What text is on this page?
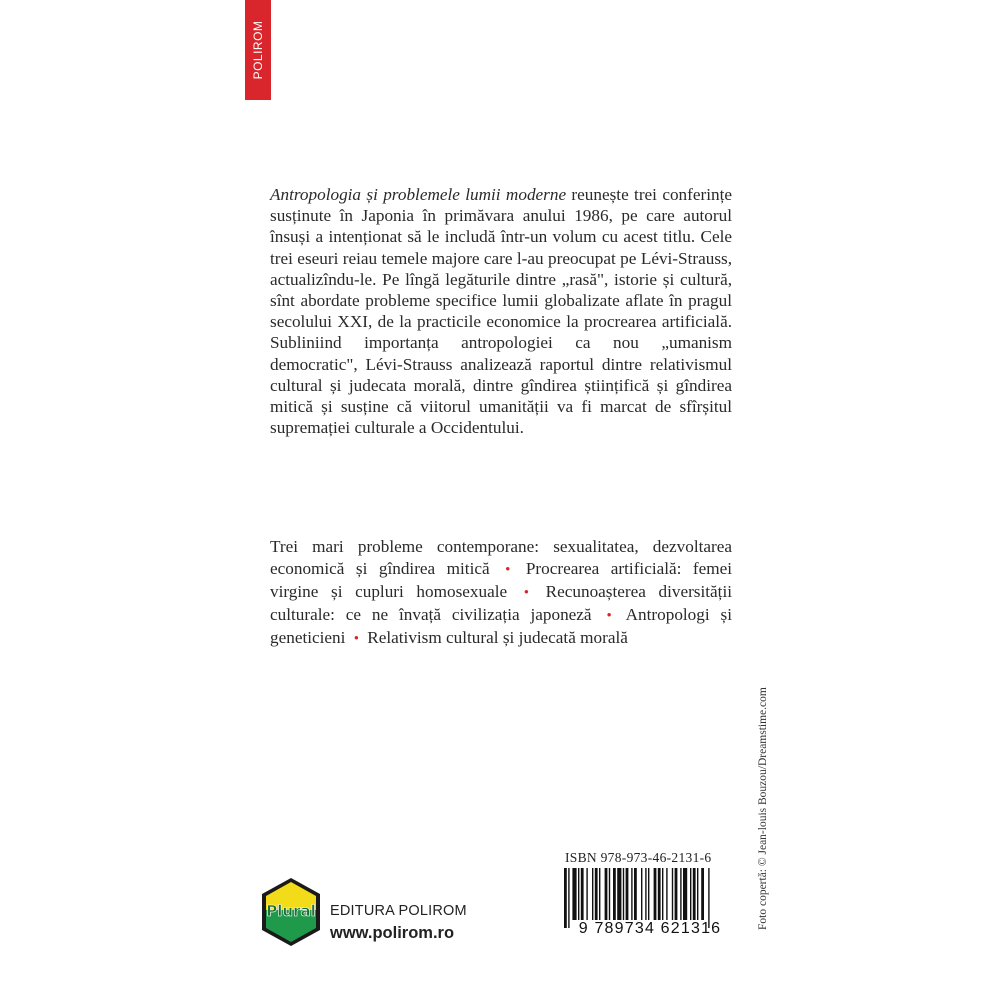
POLIROM
Antropologia și problemele lumii moderne reunește trei conferințe susținute în Japonia în primăvara anului 1986, pe care autorul însuși a intenționat să le includă într-un volum cu acest titlu. Cele trei eseuri reiau temele majore care l-au preocupat pe Lévi-Strauss, actualizîndu-le. Pe lîngă legăturile dintre „rasă", istorie și cultură, sînt abordate probleme specifice lumii globalizate aflate în pragul secolului XXI, de la practicile economice la procrearea artificială. Subliniind importanța antropologiei ca nou „umanism democratic", Lévi-Strauss analizează raportul dintre relativismul cultural și judecata morală, dintre gîndirea științifică și gîndirea mitică și susține că viitorul umanității va fi marcat de sfîrșitul supremației culturale a Occidentului.
Trei mari probleme contemporane: sexualitatea, dezvoltarea economică și gîndirea mitică • Procrearea artificială: femei virgine și cupluri homosexuale • Recunoașterea diversității culturale: ce ne învață civilizația japoneză • Antropologi și geneticieni • Relativism cultural și judecată morală
Foto copertă: © Jean-louis Bouzou/Dreamstime.com
ISBN 978-973-46-2131-6
9 789734 621316
Plural EDITURA POLIROM
www.polirom.ro
